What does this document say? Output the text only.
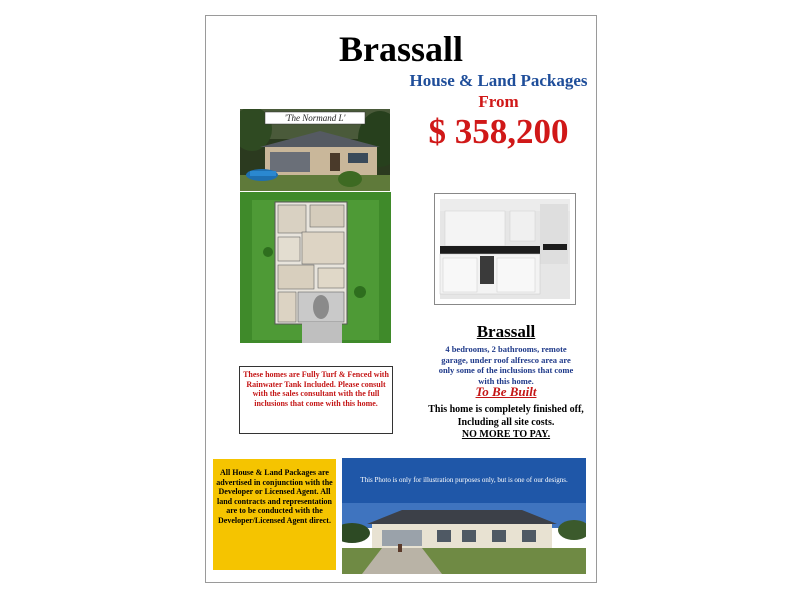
Brassall
House & Land Packages
From
$ 358,200
'The Normand L'
Brassall
4 bedrooms, 2 bathrooms, remote garage, under roof alfresco area are only some of the inclusions that come with this home.
To Be Built
This home is completely finished off,
Including all site costs.
NO MORE TO PAY.
These homes are Fully Turf & Fenced with Rainwater Tank Included. Please consult with the sales consultant with the full inclusions that come with this home.
All House & Land Packages are advertised in conjunction with the Developer or Licensed Agent. All land contracts and representation are to be conducted with the Developer/Licensed Agent direct.
This Photo is only for illustration purposes only, but is one of our designs.
